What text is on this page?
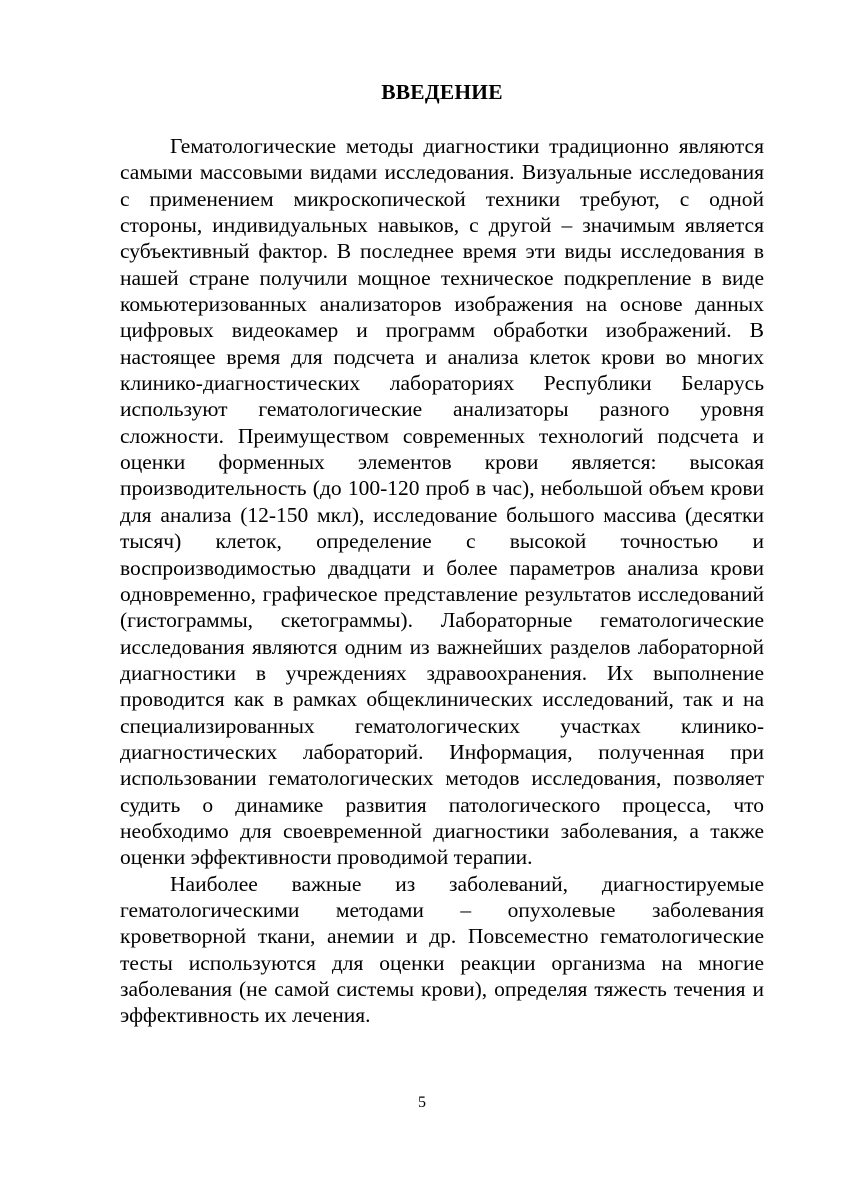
ВВЕДЕНИЕ

Гематологические методы диагностики традиционно являются самыми массовыми видами исследования. Визуальные исследования с применением микроскопической техники требуют, с одной стороны, индивидуальных навыков, с другой – значимым является субъективный фактор. В последнее время эти виды исследования в нашей стране получили мощное техническое подкрепление в виде комьютеризованных анализаторов изображения на основе данных цифровых видеокамер и программ обработки изображений. В настоящее время для подсчета и анализа клеток крови во многих клинико-диагностических лабораториях Республики Беларусь используют гематологические анализаторы разного уровня сложности. Преимуществом современных технологий подсчета и оценки форменных элементов крови является: высокая производительность (до 100-120 проб в час), небольшой объем крови для анализа (12-150 мкл), исследование большого массива (десятки тысяч) клеток, определение с высокой точностью и воспроизводимостью двадцати и более параметров анализа крови одновременно, графическое представление результатов исследований (гистограммы, скетограммы). Лабораторные гематологические исследования являются одним из важнейших разделов лабораторной диагностики в учреждениях здравоохранения. Их выполнение проводится как в рамках общеклинических исследований, так и на специализированных гематологических участках клинико-диагностических лабораторий. Информация, полученная при использовании гематологических методов исследования, позволяет судить о динамике развития патологического процесса, что необходимо для своевременной диагностики заболевания, а также оценки эффективности проводимой терапии.

Наиболее важные из заболеваний, диагностируемые гематологическими методами – опухолевые заболевания кроветворной ткани, анемии и др. Повсеместно гематологические тесты используются для оценки реакции организма на многие заболевания (не самой системы крови), определяя тяжесть течения и эффективность их лечения.

5
